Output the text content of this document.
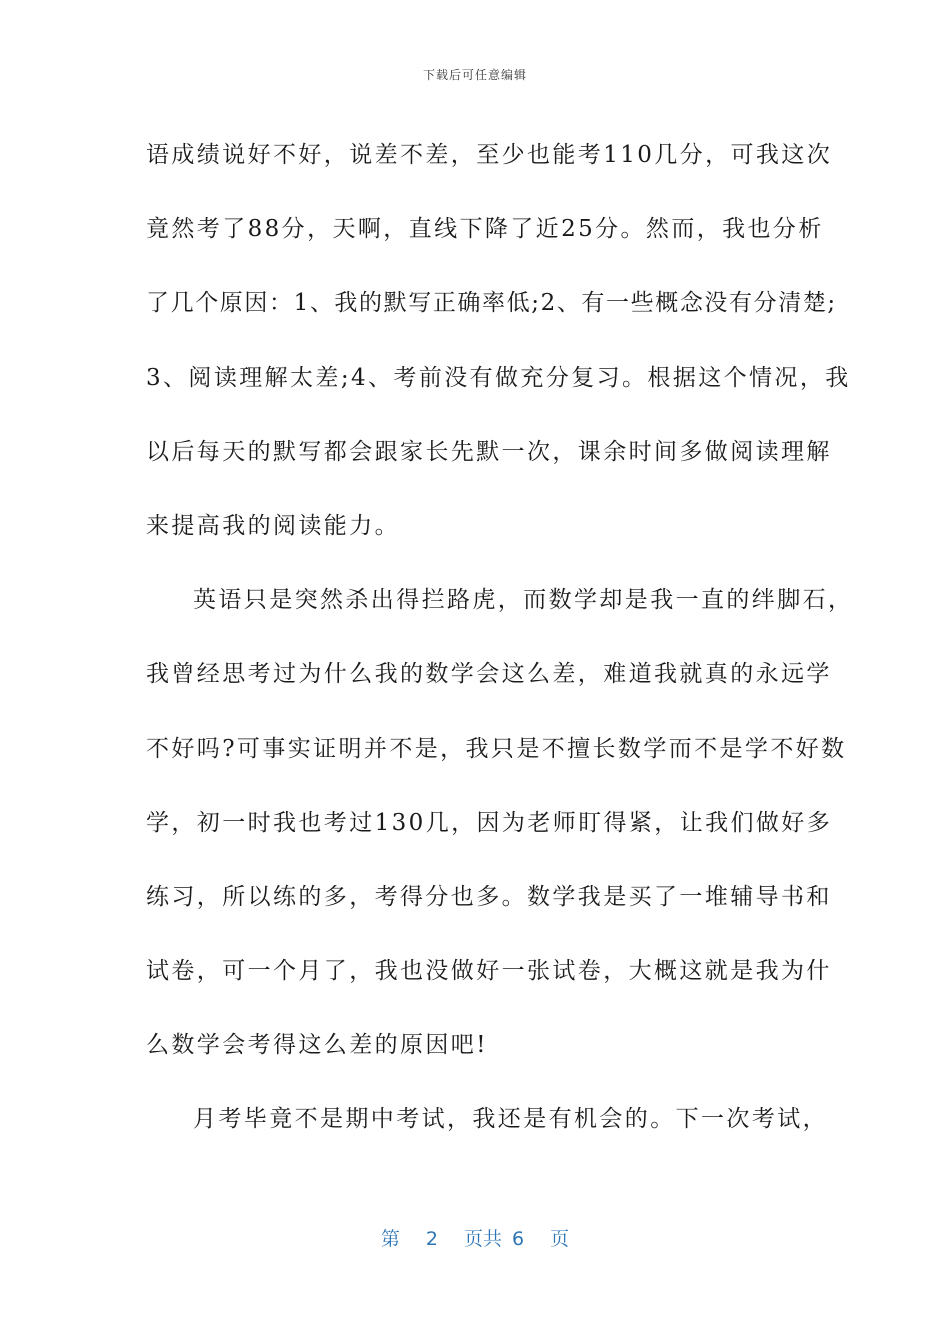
下载后可任意编辑
语成绩说好不好，说差不差，至少也能考110几分，可我这次
竟然考了88分，天啊，直线下降了近25分。然而，我也分析
了几个原因：1、我的默写正确率低;2、有一些概念没有分清楚;
3、阅读理解太差;4、考前没有做充分复习。根据这个情况，我
以后每天的默写都会跟家长先默一次，课余时间多做阅读理解
来提高我的阅读能力。
英语只是突然杀出得拦路虎，而数学却是我一直的绊脚石，
我曾经思考过为什么我的数学会这么差，难道我就真的永远学
不好吗?可事实证明并不是，我只是不擅长数学而不是学不好数
学，初一时我也考过130几，因为老师盯得紧，让我们做好多
练习，所以练的多，考得分也多。数学我是买了一堆辅导书和
试卷，可一个月了，我也没做好一张试卷，大概这就是我为什
么数学会考得这么差的原因吧!
月考毕竟不是期中考试，我还是有机会的。下一次考试，
第 2 页共 6 页
